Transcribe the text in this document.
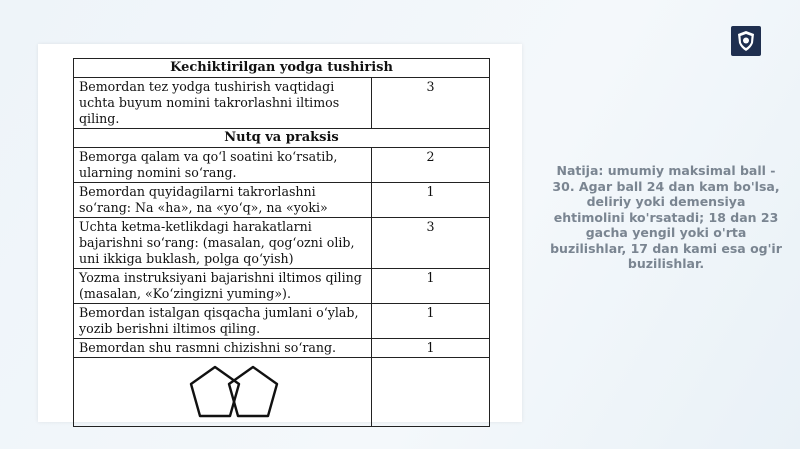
Kechiktirilgan yodga tushirish	
Bemordan tez yodga tushirish vaqtidagi uchta buyum nomini takrorlashni iltimos qiling.	3
Nutq va praksis	
Bemorga qalam va qo‘l soatini ko‘rsatib, ularning nomini so‘rang.	2
Bemordan quyidagilarni takrorlashni so‘rang: Na «ha», na «yo‘q», na «yoki»	1
Uchta ketma-ketlikdagi harakatlarni bajarishni so‘rang: (masalan, qog‘ozni olib, uni ikkiga buklash, polga qo‘yish)	3
Yozma instruksiyani bajarishni iltimos qiling (masalan, «Ko‘zingizni yuming»).	1
Bemordan istalgan qisqacha jumlani o‘ylab, yozib berishni iltimos qiling.	1
Bemordan shu rasmni chizishni so‘rang.	1

Natija: umumiy maksimal ball - 30. Agar ball 24 dan kam bo'lsa, deliriy yoki demensiya ehtimolini ko'rsatadi; 18 dan 23 gacha yengil yoki o'rta buzilishlar, 17 dan kami esa og'ir buzilishlar.
